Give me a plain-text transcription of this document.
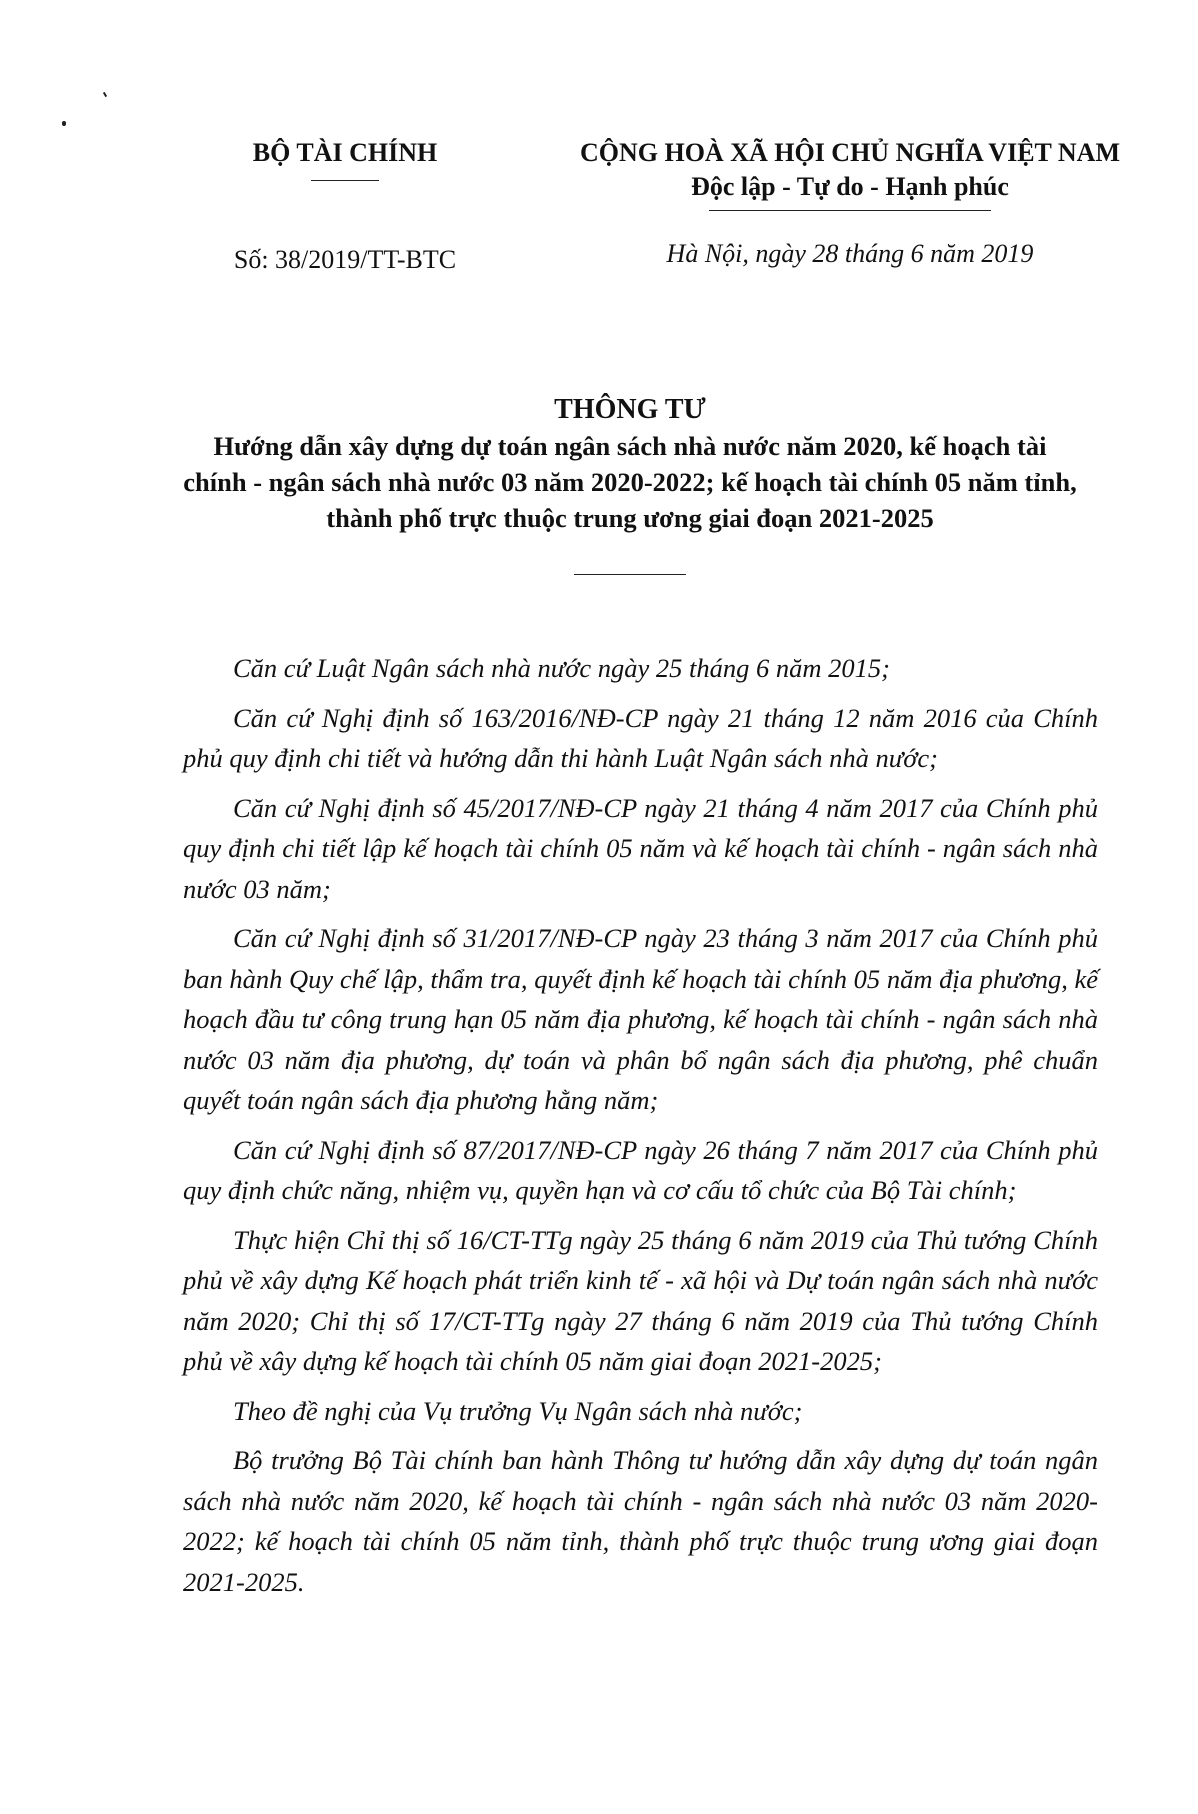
BỘ TÀI CHÍNH
Số: 38/2019/TT-BTC
CỘNG HOÀ XÃ HỘI CHỦ NGHĨA VIỆT NAM
Độc lập - Tự do - Hạnh phúc
Hà Nội, ngày 28 tháng 6 năm 2019
THÔNG TƯ
Hướng dẫn xây dựng dự toán ngân sách nhà nước năm 2020, kế hoạch tài chính - ngân sách nhà nước 03 năm 2020-2022; kế hoạch tài chính 05 năm tỉnh, thành phố trực thuộc trung ương giai đoạn 2021-2025

Căn cứ Luật Ngân sách nhà nước ngày 25 tháng 6 năm 2015;

Căn cứ Nghị định số 163/2016/NĐ-CP ngày 21 tháng 12 năm 2016 của Chính phủ quy định chi tiết và hướng dẫn thi hành Luật Ngân sách nhà nước;

Căn cứ Nghị định số 45/2017/NĐ-CP ngày 21 tháng 4 năm 2017 của Chính phủ quy định chi tiết lập kế hoạch tài chính 05 năm và kế hoạch tài chính - ngân sách nhà nước 03 năm;

Căn cứ Nghị định số 31/2017/NĐ-CP ngày 23 tháng 3 năm 2017 của Chính phủ ban hành Quy chế lập, thẩm tra, quyết định kế hoạch tài chính 05 năm địa phương, kế hoạch đầu tư công trung hạn 05 năm địa phương, kế hoạch tài chính - ngân sách nhà nước 03 năm địa phương, dự toán và phân bổ ngân sách địa phương, phê chuẩn quyết toán ngân sách địa phương hằng năm;

Căn cứ Nghị định số 87/2017/NĐ-CP ngày 26 tháng 7 năm 2017 của Chính phủ quy định chức năng, nhiệm vụ, quyền hạn và cơ cấu tổ chức của Bộ Tài chính;

Thực hiện Chỉ thị số 16/CT-TTg ngày 25 tháng 6 năm 2019 của Thủ tướng Chính phủ về xây dựng Kế hoạch phát triển kinh tế - xã hội và Dự toán ngân sách nhà nước năm 2020; Chỉ thị số 17/CT-TTg ngày 27 tháng 6 năm 2019 của Thủ tướng Chính phủ về xây dựng kế hoạch tài chính 05 năm giai đoạn 2021-2025;

Theo đề nghị của Vụ trưởng Vụ Ngân sách nhà nước;

Bộ trưởng Bộ Tài chính ban hành Thông tư hướng dẫn xây dựng dự toán ngân sách nhà nước năm 2020, kế hoạch tài chính - ngân sách nhà nước 03 năm 2020-2022; kế hoạch tài chính 05 năm tỉnh, thành phố trực thuộc trung ương giai đoạn 2021-2025.
